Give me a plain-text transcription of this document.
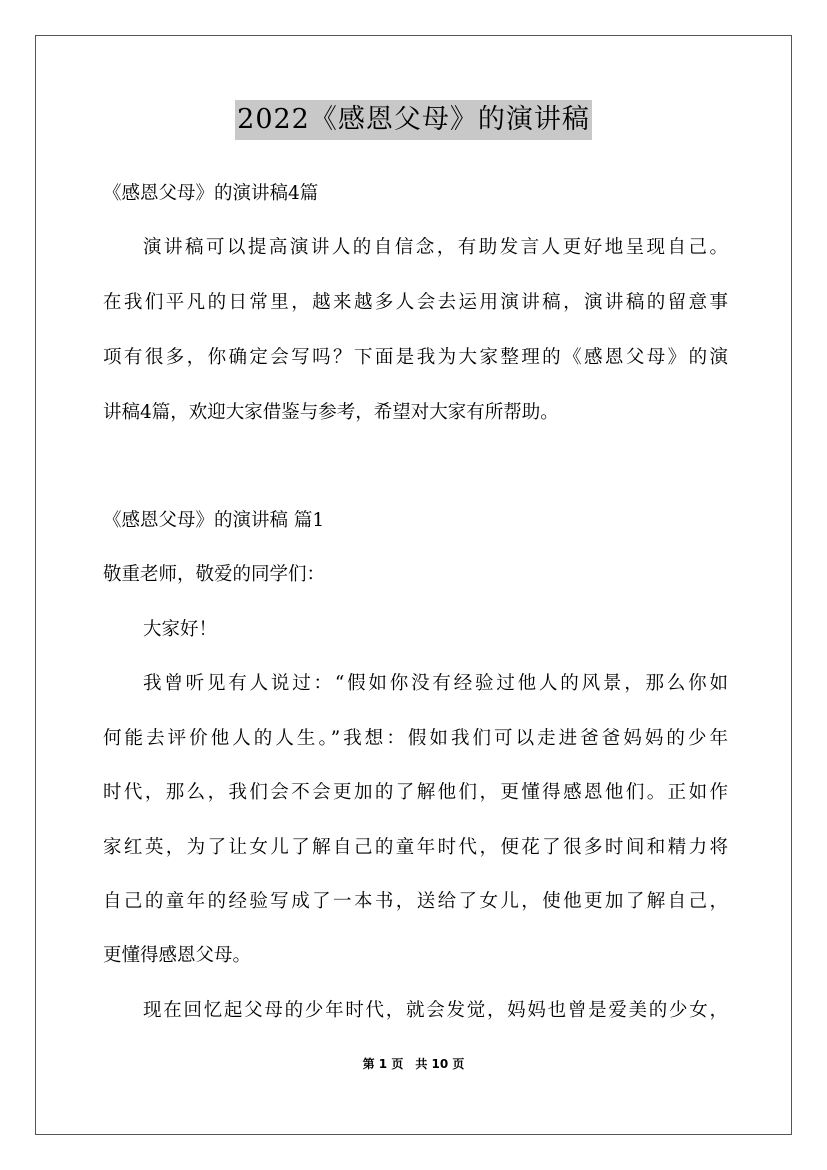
2022《感恩父母》的演讲稿
《感恩父母》的演讲稿4篇
演讲稿可以提高演讲人的自信念，有助发言人更好地呈现自己。
在我们平凡的日常里，越来越多人会去运用演讲稿，演讲稿的留意事
项有很多，你确定会写吗？下面是我为大家整理的《感恩父母》的演
讲稿4篇，欢迎大家借鉴与参考，希望对大家有所帮助。
《感恩父母》的演讲稿 篇1
敬重老师，敬爱的同学们：
大家好！
我曾听见有人说过：“假如你没有经验过他人的风景，那么你如
何能去评价他人的人生。”我想：假如我们可以走进爸爸妈妈的少年
时代，那么，我们会不会更加的了解他们，更懂得感恩他们。正如作
家红英，为了让女儿了解自己的童年时代，便花了很多时间和精力将
自己的童年的经验写成了一本书，送给了女儿，使他更加了解自己，
更懂得感恩父母。
现在回忆起父母的少年时代，就会发觉，妈妈也曾是爱美的少女，
第 1 页　共 10 页
